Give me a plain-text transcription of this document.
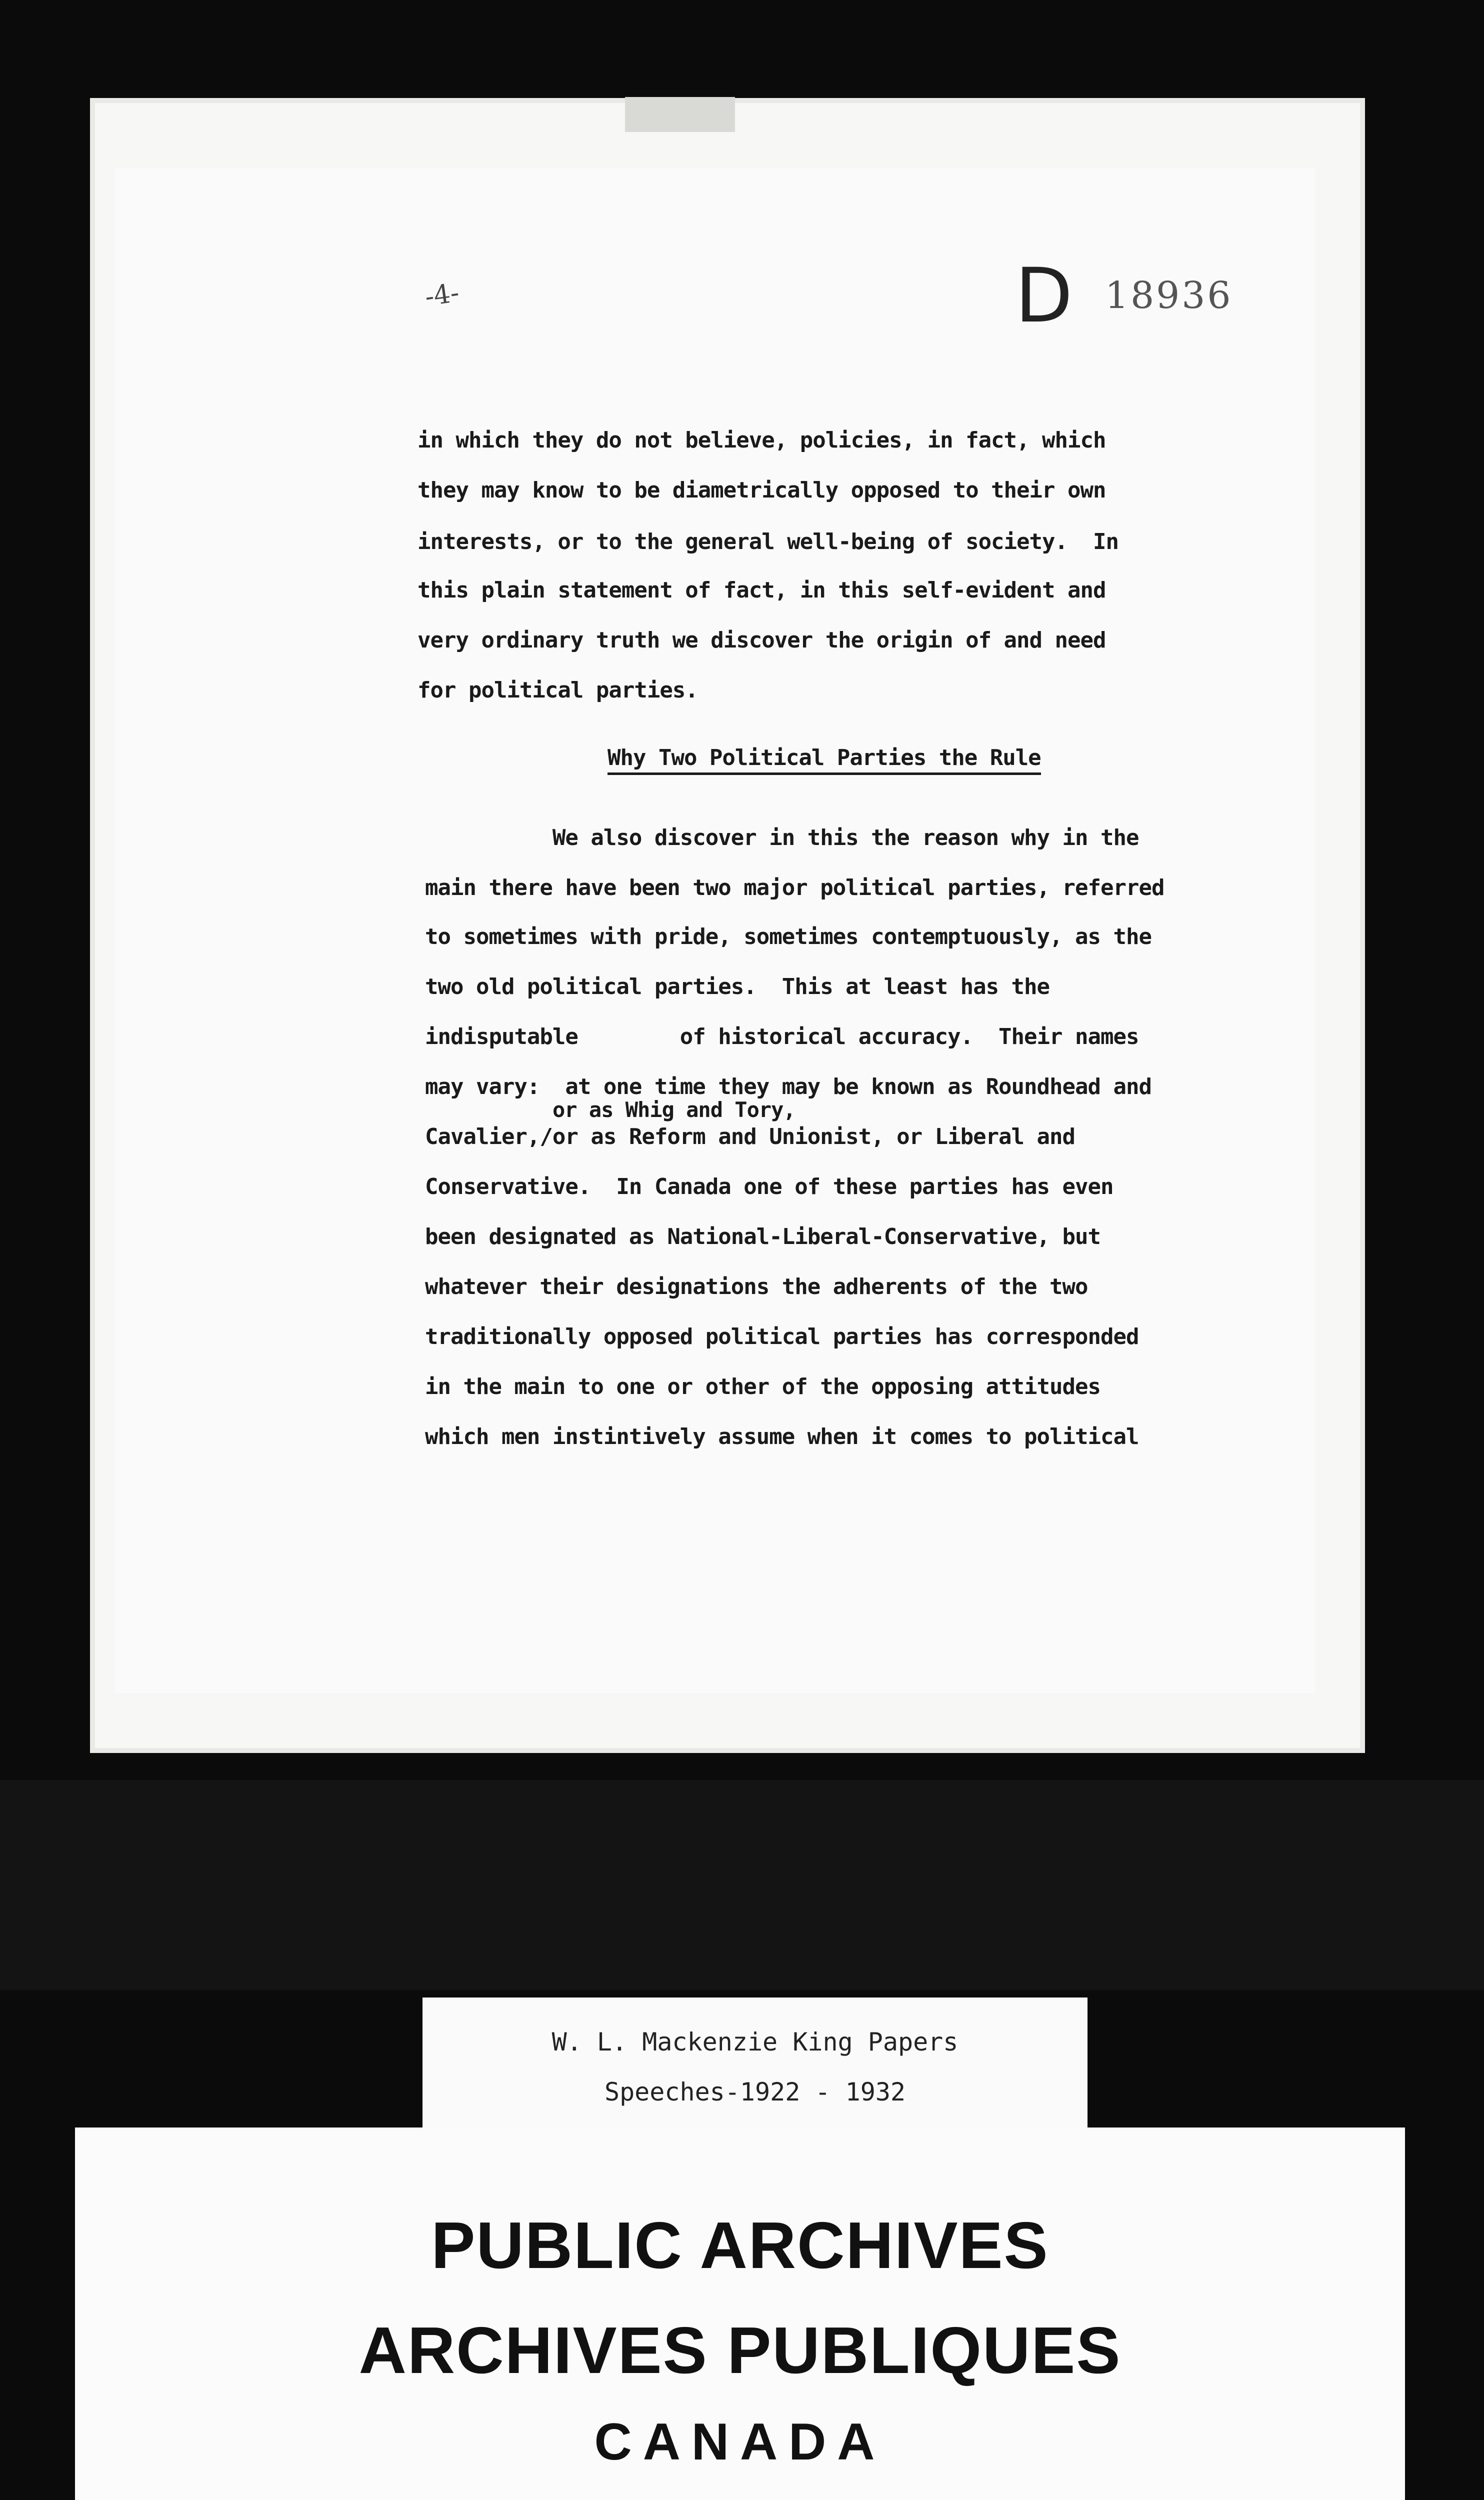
-4-	D 18936
in which they do not believe, policies, in fact, which
they may know to be diametrically opposed to their own
interests, or to the general well-being of society.  In
this plain statement of fact, in this self-evident and
very ordinary truth we discover the origin of and need
for political parties.
Why Two Political Parties the Rule
We also discover in this the reason why in the
main there have been two major political parties, referred
to sometimes with pride, sometimes contemptuously, as the
two old political parties.  This at least has the
indisputable        of historical accuracy.  Their names
may vary:  at one time they may be known as Roundhead and
or as Whig and Tory,
Cavalier,/or as Reform and Unionist, or Liberal and
Conservative.  In Canada one of these parties has even
been designated as National-Liberal-Conservative, but
whatever their designations the adherents of the two
traditionally opposed political parties has corresponded
in the main to one or other of the opposing attitudes
which men instintively assume when it comes to political
W. L. Mackenzie King Papers
Speeches-1922 - 1932
PUBLIC ARCHIVES
ARCHIVES PUBLIQUES
CANADA
